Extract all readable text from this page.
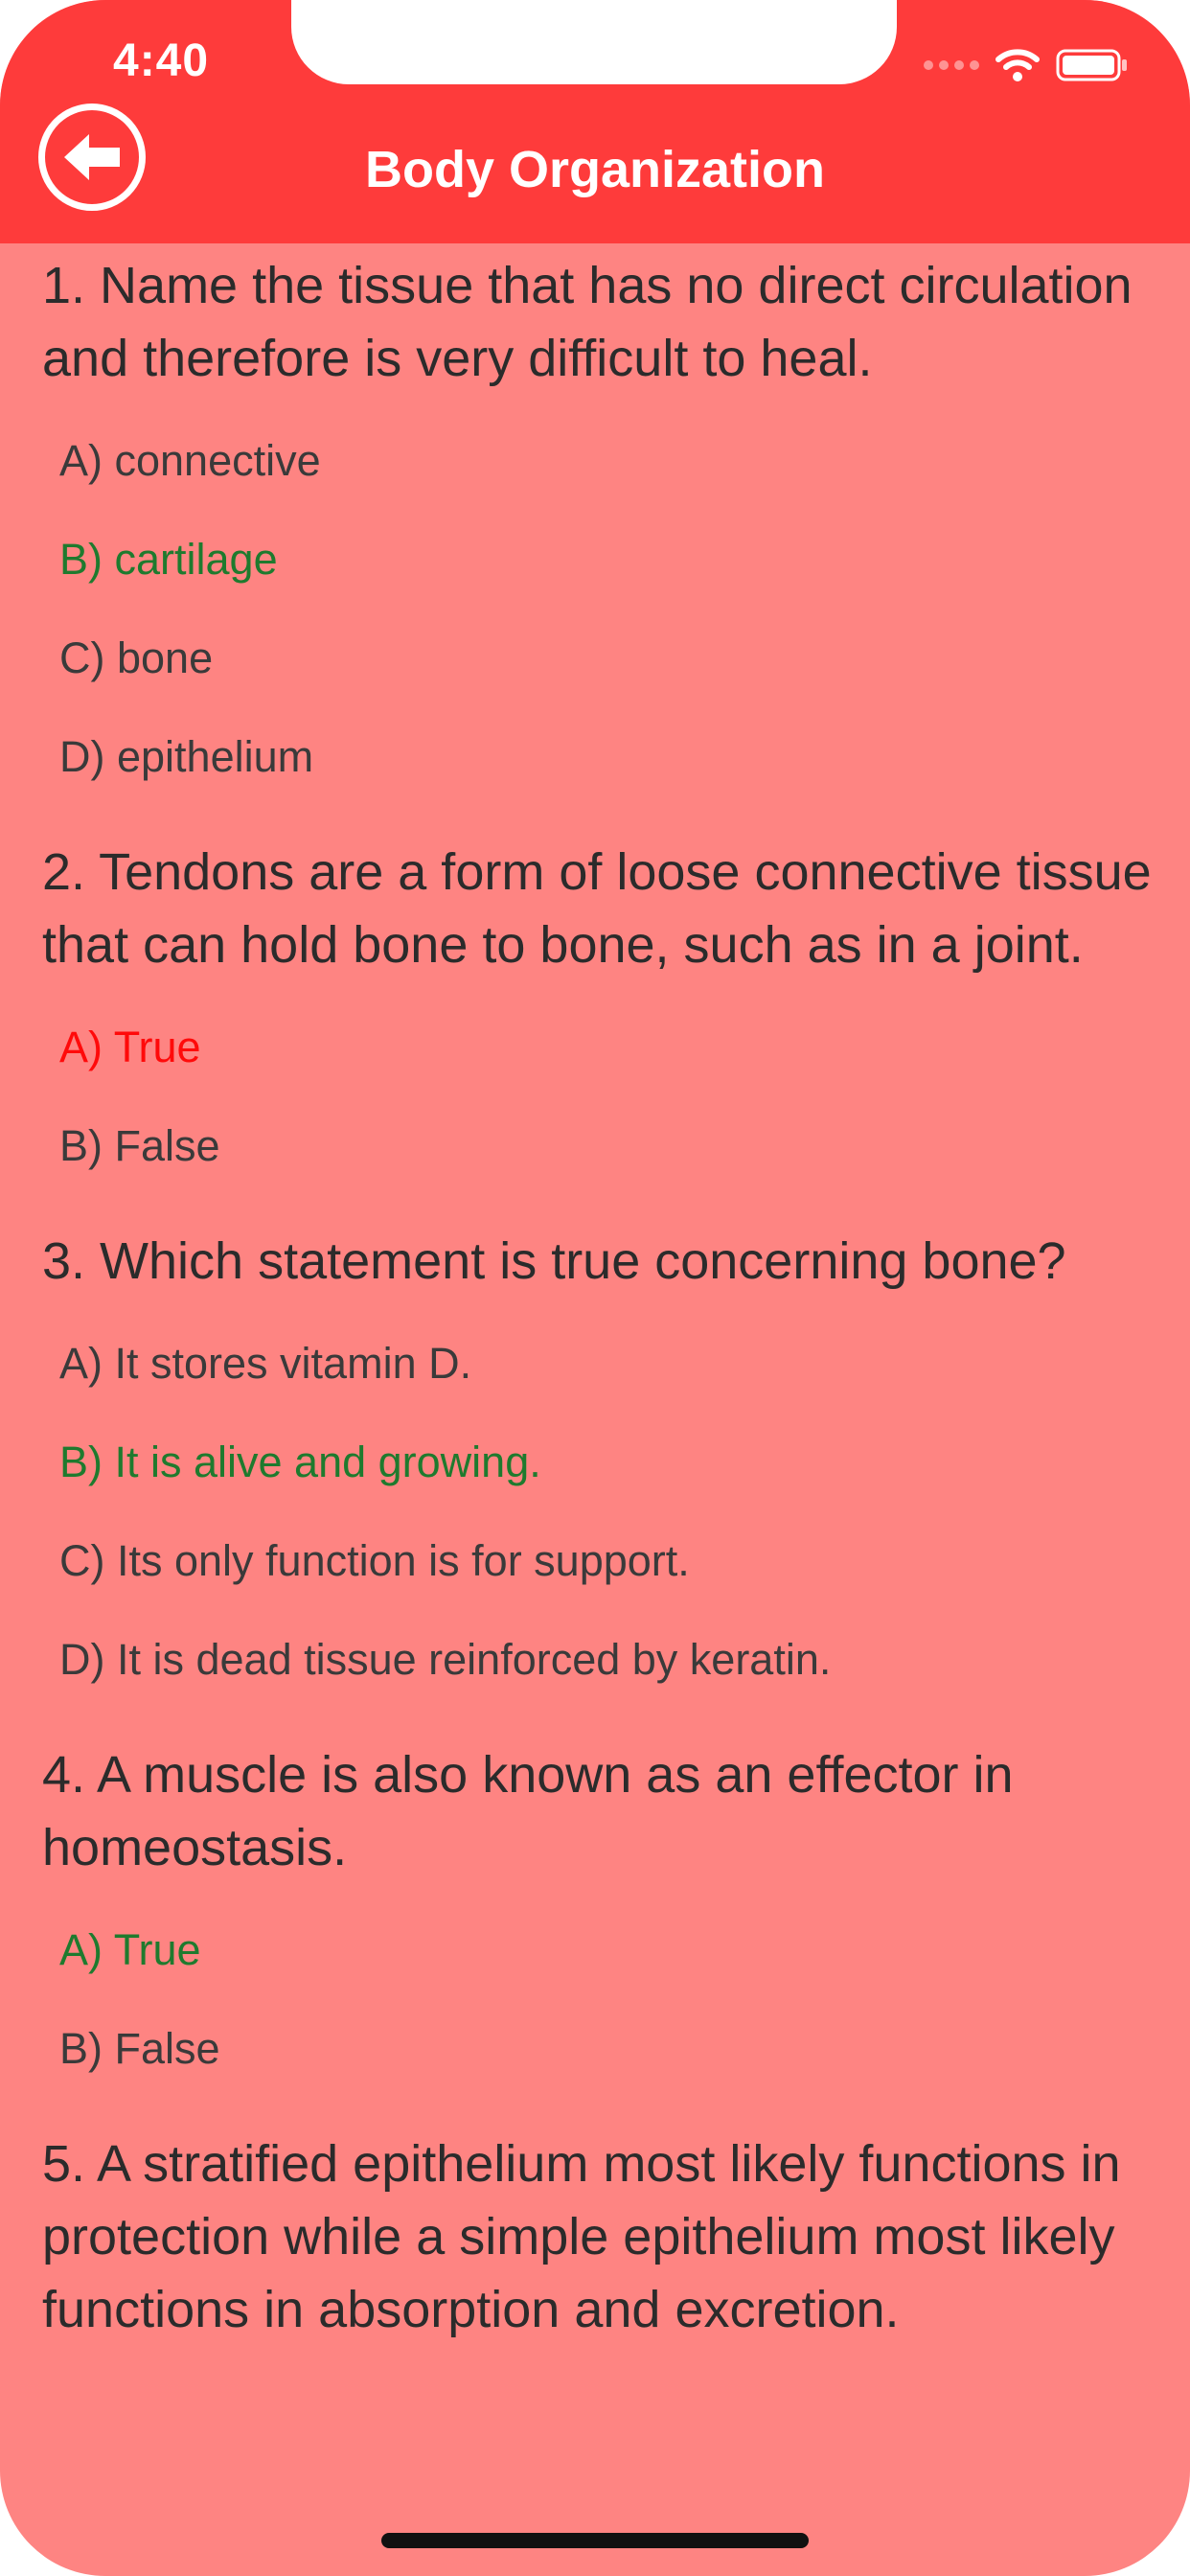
4:40
Body Organization
1. Name the tissue that has no direct circulation and therefore is very difficult to heal.
A) connective
B) cartilage
C) bone
D) epithelium
2. Tendons are a form of loose connective tissue that can hold bone to bone, such as in a joint.
A) True
B) False
3. Which statement is true concerning bone?
A) It stores vitamin D.
B) It is alive and growing.
C) Its only function is for support.
D) It is dead tissue reinforced by keratin.
4. A muscle is also known as an effector in homeostasis.
A) True
B) False
5. A stratified epithelium most likely functions in protection while a simple epithelium most likely functions in absorption and excretion.
